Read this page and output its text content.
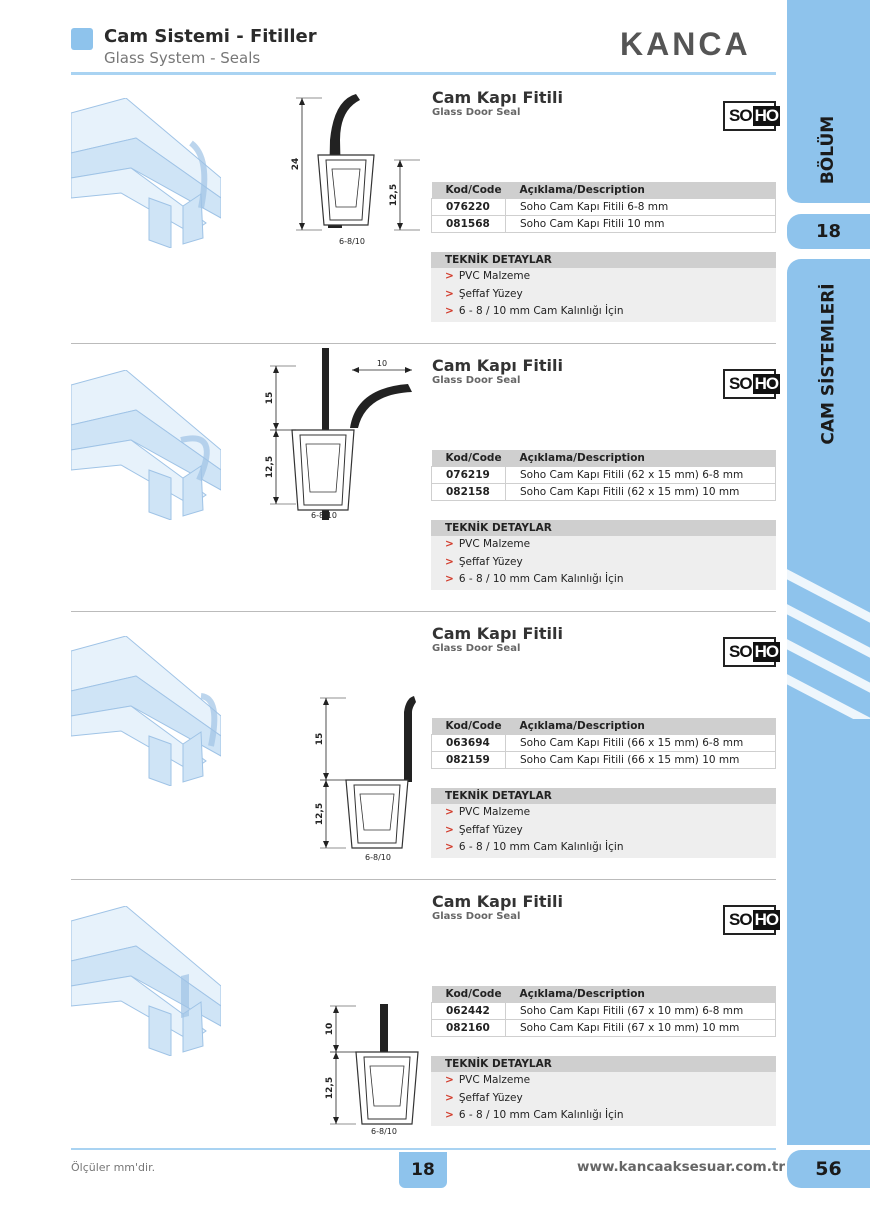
Cam Sistemi - Fitiller
Glass System - Seals	KANCA
BÖLÜM
18
CAM SİSTEMLERİ
Cam Kapı Fitili
Glass Door Seal	SO HO
Kod/Code	Açıklama/Description
076220	Soho Cam Kapı Fitili 6-8 mm
081568	Soho Cam Kapı Fitili 10 mm
TEKNİK DETAYLAR
> PVC Malzeme
> Şeffaf Yüzey
> 6 - 8 / 10 mm Cam Kalınlığı İçin
24
12,5
6-8/10
Cam Kapı Fitili
Glass Door Seal	SO HO
Kod/Code	Açıklama/Description
076219	Soho Cam Kapı Fitili (62 x 15 mm) 6-8 mm
082158	Soho Cam Kapı Fitili (62 x 15 mm) 10 mm
TEKNİK DETAYLAR
> PVC Malzeme
> Şeffaf Yüzey
> 6 - 8 / 10 mm Cam Kalınlığı İçin
15
12,5
10
6-8/10
Cam Kapı Fitili
Glass Door Seal	SO HO
Kod/Code	Açıklama/Description
063694	Soho Cam Kapı Fitili (66 x 15 mm) 6-8 mm
082159	Soho Cam Kapı Fitili (66 x 15 mm) 10 mm
TEKNİK DETAYLAR
> PVC Malzeme
> Şeffaf Yüzey
> 6 - 8 / 10 mm Cam Kalınlığı İçin
15
12,5
6-8/10
Cam Kapı Fitili
Glass Door Seal	SO HO
Kod/Code	Açıklama/Description
062442	Soho Cam Kapı Fitili (67 x 10 mm) 6-8 mm
082160	Soho Cam Kapı Fitili (67 x 10 mm) 10 mm
TEKNİK DETAYLAR
> PVC Malzeme
> Şeffaf Yüzey
> 6 - 8 / 10 mm Cam Kalınlığı İçin
10
12,5
6-8/10
Ölçüler mm'dir.	18	www.kancaaksesuar.com.tr	56
